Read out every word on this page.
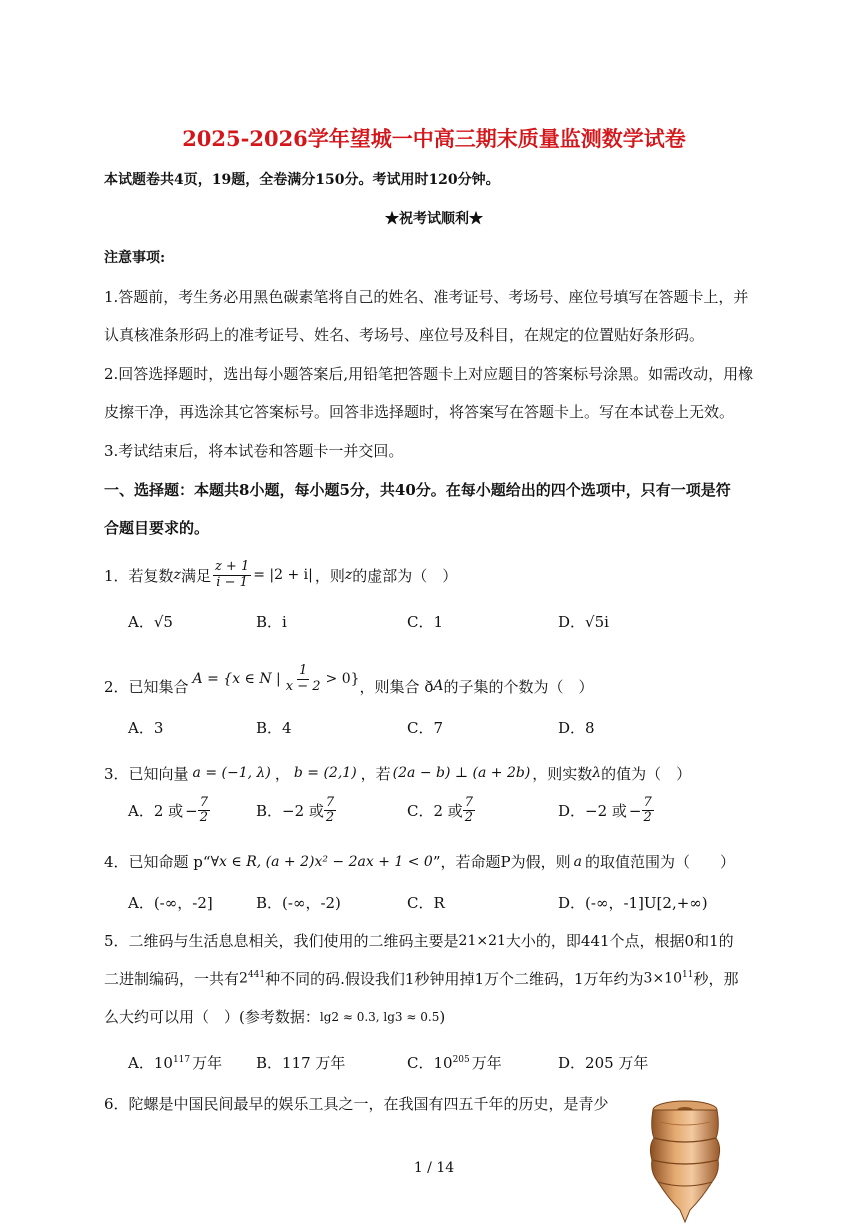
2025-2026学年望城一中高三期末质量监测数学试卷
本试题卷共4页，19题，全卷满分150分。考试用时120分钟。
★祝考试顺利★
注意事项:
1.答题前，考生务必用黑色碳素笔将自己的姓名、准考证号、考场号、座位号填写在答题卡上，并
认真核准条形码上的准考证号、姓名、考场号、座位号及科目，在规定的位置贴好条形码。
2.回答选择题时，选出每小题答案后,用铅笔把答题卡上对应题目的答案标号涂黑。如需改动，用橡
皮擦干净，再选涂其它答案标号。回答非选择题时，将答案写在答题卡上。写在本试卷上无效。
3.考试结束后，将本试卷和答题卡一并交回。
一、选择题：本题共8小题，每小题5分，共40分。在每小题给出的四个选项中，只有一项是符
合题目要求的。
1．若复数 z 满足 $\frac{z + 1}{i - 1} = |2 + i|$ ，则 z 的虚部为（　）
A．√5	B．i	C．1	D．√5i
2．已知集合 A = {x ∈ N | $\frac{1}{x - 2} > 0$} ，则集合 ð A 的子集的个数为（　）
A．3	B．4	C．7	D．8
3．已知向量 a = (−1, λ) ， b = (2,1) ，若 (2a − b) ⊥ (a + 2b) ，则实数 λ 的值为（　）
A．2 或 − $\frac{7}{2}$	B．−2 或 $\frac{7}{2}$	C．2 或 $\frac{7}{2}$	D．−2 或 − $\frac{7}{2}$
4．已知命题 p“ ∀x ∈ R, (a + 2)x² − 2ax + 1 < 0 ”，若命题P为假，则 a 的取值范围为（　　）
A．(-∞，-2]	B．(-∞，-2)	C．R	D．(-∞，-1]U[2,+∞)
5．二维码与生活息息相关，我们使用的二维码主要是 21×21 大小的，即441个点，根据0和1的
二进制编码，一共有 $2^{441}$ 种不同的码.假设我们1秒钟用掉1万个二维码，1万年约为 $3\times 10^{11}$ 秒，那
么大约可以用（　）(参考数据： lg2 ≈ 0.3, lg3 ≈ 0.5 )
A．$10^{117}$ 万年 B．117 万年	C．$10^{205}$ 万年	D．205 万年
6．陀螺是中国民间最早的娱乐工具之一，在我国有四五千年的历史，是青少
1 / 14
